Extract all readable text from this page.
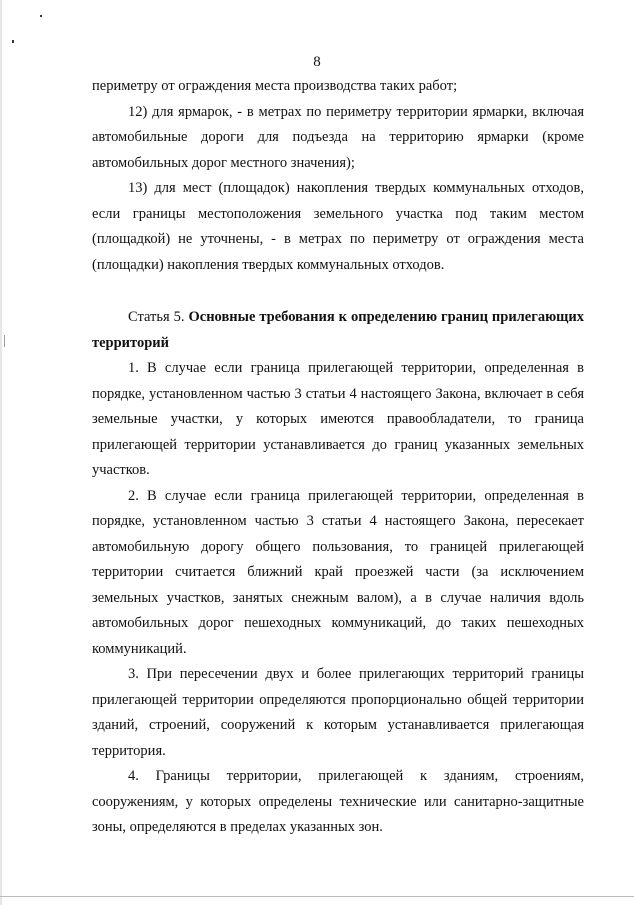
8

периметру от ограждения места производства таких работ;

12) для ярмарок, - в метрах по периметру территории ярмарки, включая автомобильные дороги для подъезда на территорию ярмарки (кроме автомобильных дорог местного значения);

13) для мест (площадок) накопления твердых коммунальных отходов, если границы местоположения земельного участка под таким местом (площадкой) не уточнены, - в метрах по периметру от ограждения места (площадки) накопления твердых коммунальных отходов.

Статья 5. Основные требования к определению границ прилегающих территорий

1. В случае если граница прилегающей территории, определенная в порядке, установленном частью 3 статьи 4 настоящего Закона, включает в себя земельные участки, у которых имеются правообладатели, то граница прилегающей территории устанавливается до границ указанных земельных участков.

2. В случае если граница прилегающей территории, определенная в порядке, установленном частью 3 статьи 4 настоящего Закона, пересекает автомобильную дорогу общего пользования, то границей прилегающей территории считается ближний край проезжей части (за исключением земельных участков, занятых снежным валом), а в случае наличия вдоль автомобильных дорог пешеходных коммуникаций, до таких пешеходных коммуникаций.

3. При пересечении двух и более прилегающих территорий границы прилегающей территории определяются пропорционально общей территории зданий, строений, сооружений к которым устанавливается прилегающая территория.

4. Границы территории, прилегающей к зданиям, строениям, сооружениям, у которых определены технические или санитарно-защитные зоны, определяются в пределах указанных зон.
